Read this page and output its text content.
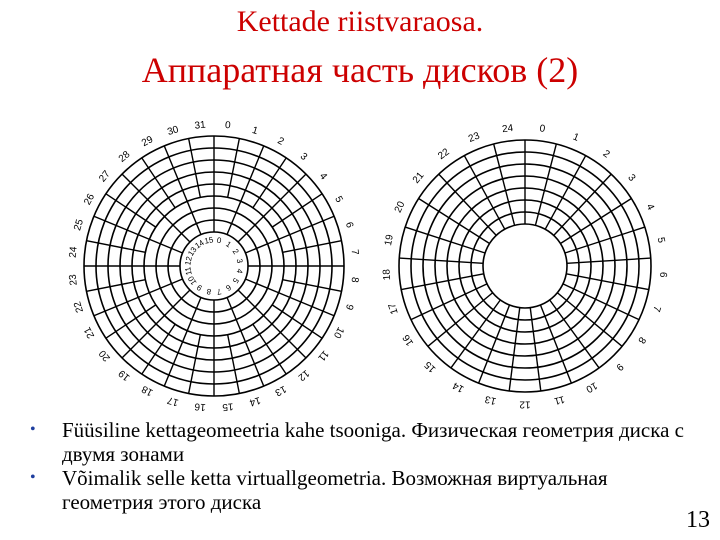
Kettade riistvaraosa.
Аппаратная часть дисков (2)
0 1
2
3
4
5
6
7
8
9
10
11
12
13
14
15
16
17
18
19
20
21
22
23
24
25
26
27
28
29
30 31
0 1
2
3
4
5
6
7
8
9
10
11
12
13
14
15
0
1
2
3
4
5
6
7
8
9
10
11
12
13
14
15
16
17
18
19
20
21
22
23
24
• Füüsiline kettageomeetria kahe tsooniga. Физическая геометрия диска с двумя зонами
• Võimalik selle ketta virtuallgeometria. Возможная виртуальная геометрия этого диска
13
